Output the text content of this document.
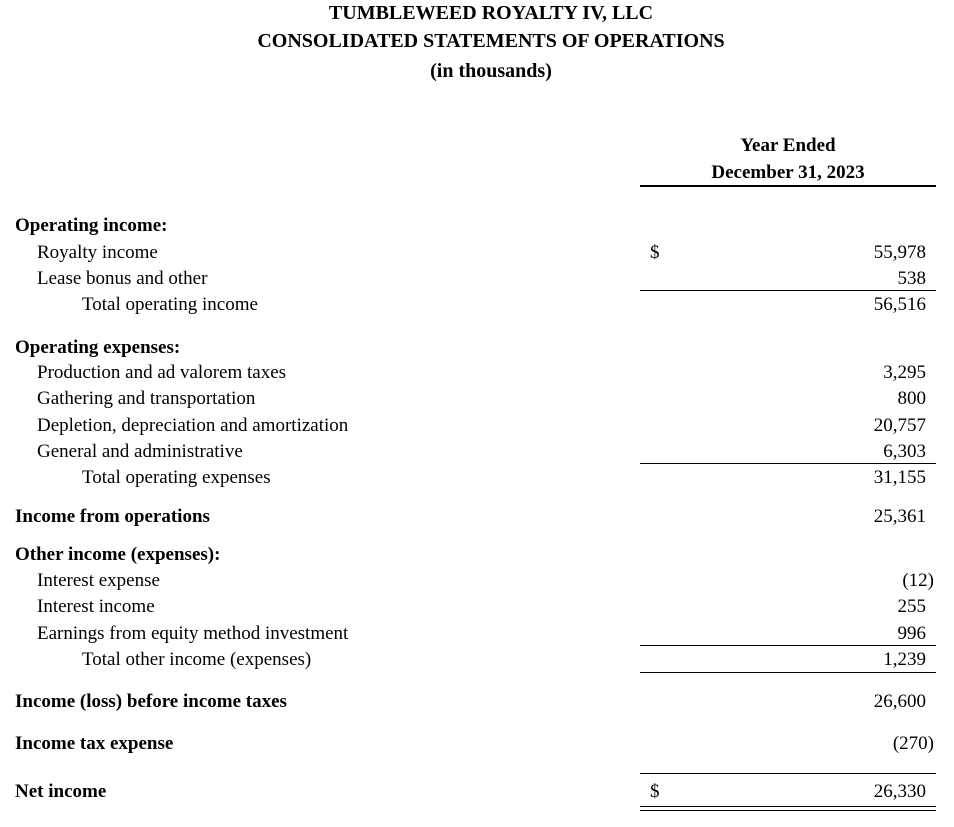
TUMBLEWEED ROYALTY IV, LLC
CONSOLIDATED STATEMENTS OF OPERATIONS
(in thousands)
Year Ended
December 31, 2023
Operating income:
Royalty income	$	55,978
Lease bonus and other	538
Total operating income	56,516
Operating expenses:
Production and ad valorem taxes	3,295
Gathering and transportation	800
Depletion, depreciation and amortization	20,757
General and administrative	6,303
Total operating expenses	31,155
Income from operations	25,361
Other income (expenses):
Interest expense	(12)
Interest income	255
Earnings from equity method investment	996
Total other income (expenses)	1,239
Income (loss) before income taxes	26,600
Income tax expense	(270)
Net income	$	26,330
